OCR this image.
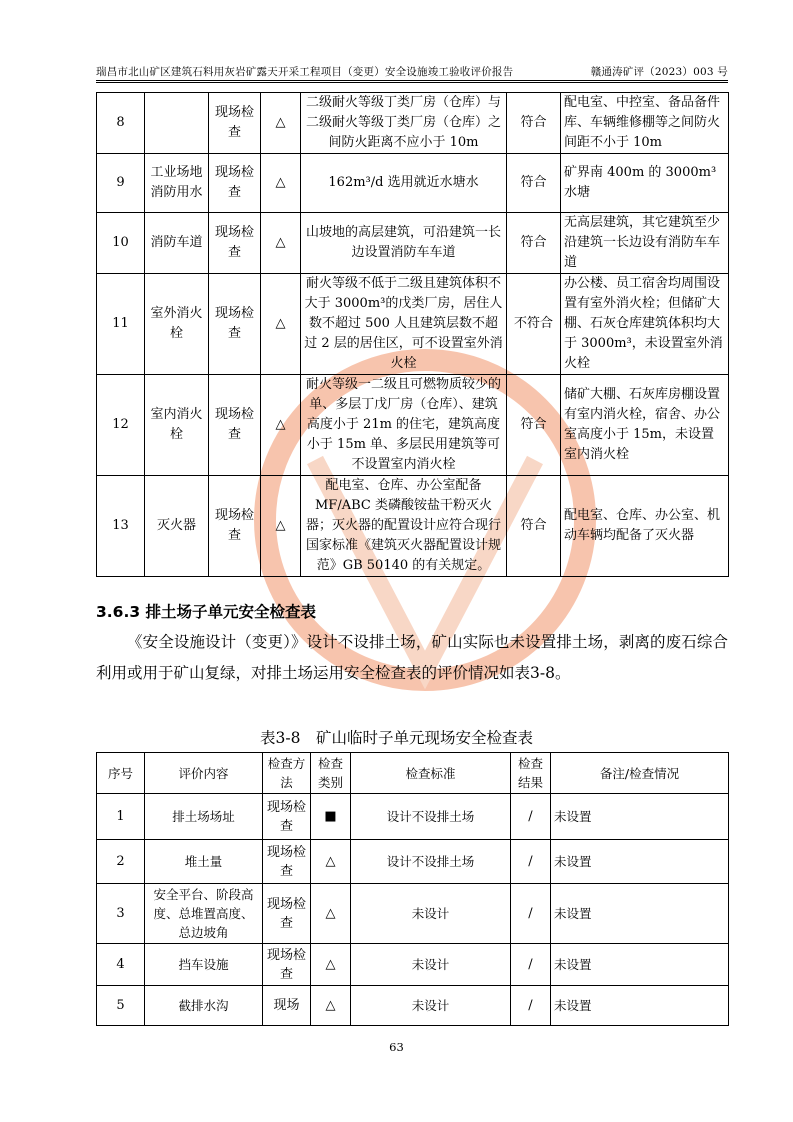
瑞昌市北山矿区建筑石料用灰岩矿露天开采工程项目（变更）安全设施竣工验收评价报告	赣通涛矿评（2023）003 号
8		现场检查	△	二级耐火等级丁类厂房（仓库）与二级耐火等级丁类厂房（仓库）之间防火距离不应小于 10m	符合	配电室、中控室、备品备件库、车辆维修棚等之间防火间距不小于 10m
9	工业场地消防用水	现场检查	△	162m³/d 选用就近水塘水	符合	矿界南 400m 的 3000m³ 水塘
10	消防车道	现场检查	△	山坡地的高层建筑，可沿建筑一长边设置消防车车道	符合	无高层建筑，其它建筑至少沿建筑一长边设有消防车车道
11	室外消火栓	现场检查	△	耐火等级不低于二级且建筑体积不大于 3000m³的戊类厂房，居住人数不超过 500 人且建筑层数不超过 2 层的居住区，可不设置室外消火栓	不符合	办公楼、员工宿舍均周围设置有室外消火栓；但储矿大棚、石灰仓库建筑体积均大于 3000m³，未设置室外消火栓
12	室内消火栓	现场检查	△	耐火等级一二级且可燃物质较少的单、多层丁戊厂房（仓库）、建筑高度小于 21m 的住宅，建筑高度小于 15m 单、多层民用建筑等可不设置室内消火栓	符合	储矿大棚、石灰库房棚设置有室内消火栓，宿舍、办公室高度小于 15m，未设置室内消火栓
13	灭火器	现场检查	△	配电室、仓库、办公室配备 MF/ABC 类磷酸铵盐干粉灭火器；灭火器的配置设计应符合现行国家标准《建筑灭火器配置设计规范》GB 50140 的有关规定。	符合	配电室、仓库、办公室、机动车辆均配备了灭火器
3.6.3 排土场子单元安全检查表
《安全设施设计（变更）》设计不设排土场，矿山实际也未设置排土场，剥离的废石综合利用或用于矿山复绿，对排土场运用安全检查表的评价情况如表3-8。
表3-8　矿山临时子单元现场安全检查表
序号	评价内容	检查方法	检查类别	检查标准	检查结果	备注/检查情况
1	排土场场址	现场检查	■	设计不设排土场	/	未设置
2	堆土量	现场检查	△	设计不设排土场	/	未设置
3	安全平台、阶段高度、总堆置高度、总边坡角	现场检查	△	未设计	/	未设置
4	挡车设施	现场检查	△	未设计	/	未设置
5	截排水沟	现场	△	未设计	/	未设置
63
